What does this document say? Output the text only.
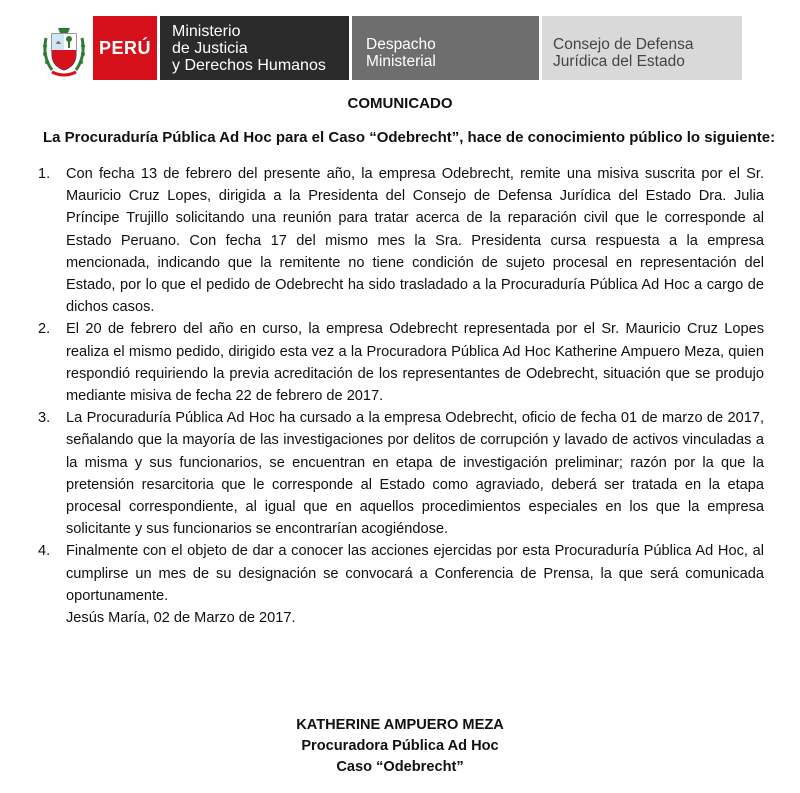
PERÚ
Ministerio
de Justicia
y Derechos Humanos
Despacho
Ministerial
Consejo de Defensa
Jurídica del Estado
COMUNICADO
La Procuraduría Pública Ad Hoc para el Caso “Odebrecht”, hace de conocimiento público lo siguiente:
1. Con fecha 13 de febrero del presente año, la empresa Odebrecht, remite una misiva suscrita por el Sr. Mauricio Cruz Lopes, dirigida a la Presidenta del Consejo de Defensa Jurídica del Estado Dra. Julia Príncipe Trujillo solicitando una reunión para tratar acerca de la reparación civil que le corresponde al Estado Peruano. Con fecha 17 del mismo mes la Sra. Presidenta cursa respuesta a la empresa mencionada, indicando que la remitente no tiene condición de sujeto procesal en representación del Estado, por lo que el pedido de Odebrecht ha sido trasladado a la Procuraduría Pública Ad Hoc a cargo de dichos casos.
2. El 20 de febrero del año en curso, la empresa Odebrecht representada por el Sr. Mauricio Cruz Lopes realiza el mismo pedido, dirigido esta vez a la Procuradora Pública Ad Hoc Katherine Ampuero Meza, quien respondió requiriendo la previa acreditación de los representantes de Odebrecht, situación que se produjo mediante misiva de fecha 22 de febrero de 2017.
3. La Procuraduría Pública Ad Hoc ha cursado a la empresa Odebrecht, oficio de fecha 01 de marzo de 2017, señalando que la mayoría de las investigaciones por delitos de corrupción y lavado de activos vinculadas a la misma y sus funcionarios, se encuentran en etapa de investigación preliminar; razón por la que la pretensión resarcitoria que le corresponde al Estado como agraviado, deberá ser tratada en la etapa procesal correspondiente, al igual que en aquellos procedimientos especiales en los que la empresa solicitante y sus funcionarios se encontrarían acogiéndose.
4. Finalmente con el objeto de dar a conocer las acciones ejercidas por esta Procuraduría Pública Ad Hoc, al cumplirse un mes de su designación se convocará a Conferencia de Prensa, la que será comunicada oportunamente.
Jesús María, 02 de Marzo de 2017.
KATHERINE AMPUERO MEZA
Procuradora Pública Ad Hoc
Caso “Odebrecht”
